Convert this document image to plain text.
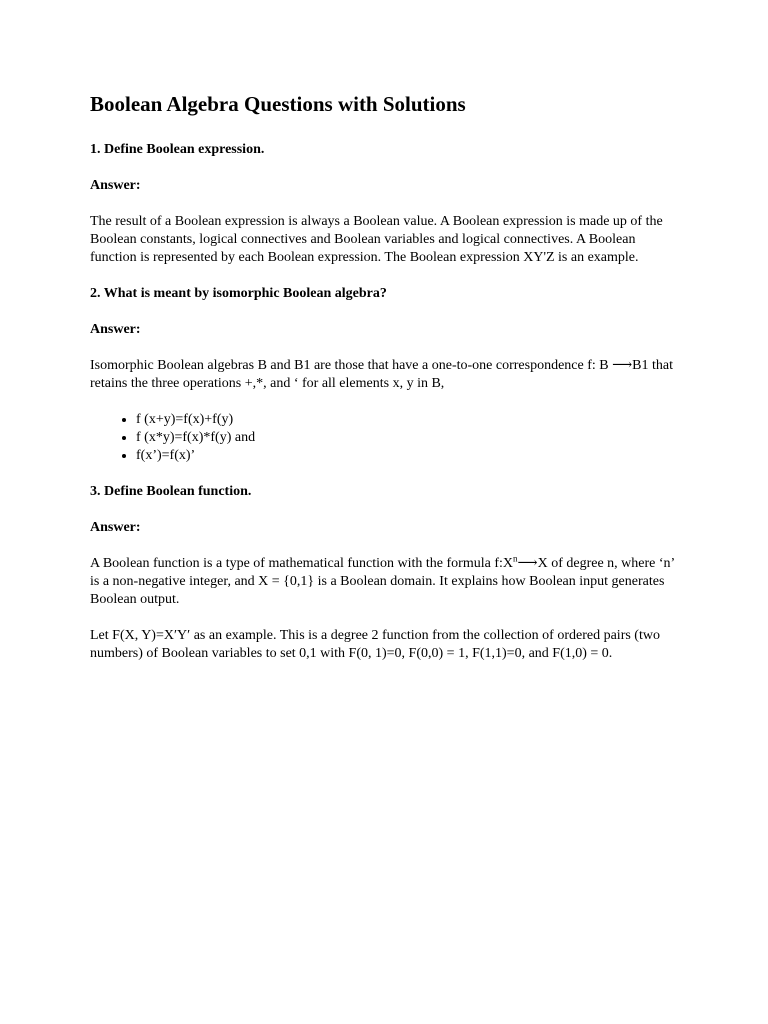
Boolean Algebra Questions with Solutions

1. Define Boolean expression.

Answer:

The result of a Boolean expression is always a Boolean value. A Boolean expression is made up of the Boolean constants, logical connectives and Boolean variables and logical connectives. A Boolean function is represented by each Boolean expression. The Boolean expression XY'Z is an example.

2. What is meant by isomorphic Boolean algebra?

Answer:

Isomorphic Boolean algebras B and B1 are those that have a one-to-one correspondence f: B ⟶B1 that retains the three operations +,*, and ‘ for all elements x, y in B,

• f (x+y)=f(x)+f(y)
• f (x*y)=f(x)*f(y) and
• f(x’)=f(x)’

3. Define Boolean function.

Answer:

A Boolean function is a type of mathematical function with the formula $f:X^n⟶X$ of degree n, where ‘n’ is a non-negative integer, and X = {0,1} is a Boolean domain. It explains how Boolean input generates Boolean output.

Let F(X, Y)=X′Y′ as an example. This is a degree 2 function from the collection of ordered pairs (two numbers) of Boolean variables to set 0,1 with F(0, 1)=0, F(0,0) = 1, F(1,1)=0, and F(1,0) = 0.
